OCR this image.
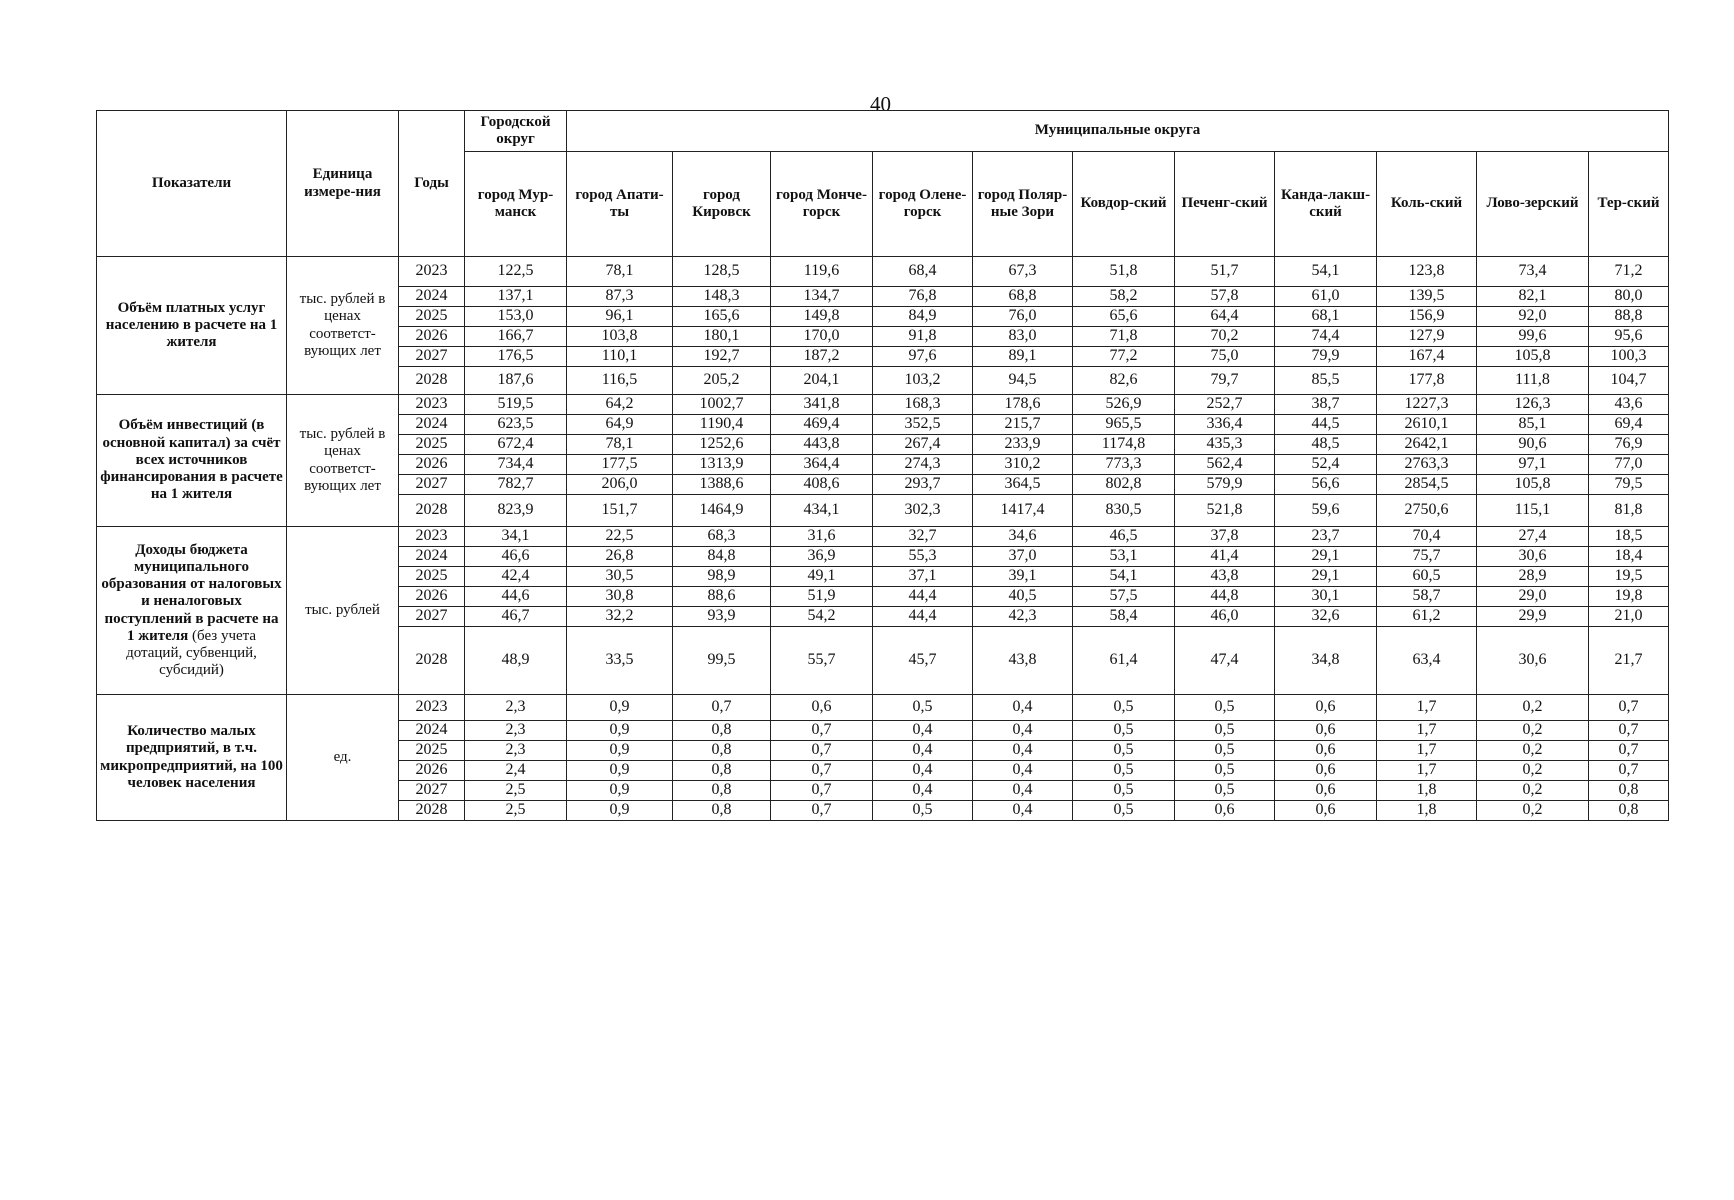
40
Показатели	Единица измере-ния	Годы	Городской округ	Муниципальные округа										
			город Мур-манск	город Апати-ты	город Кировск	город Монче-горск	город Олене-горск	город Поляр-ные Зори	Ковдор-ский	Печенг-ский	Канда-лакш-ский	Коль-ский	Лово-зерский	Тер-ский
Объём платных услуг населению в расчете на 1 жителя	тыс. рублей в ценах соответст-вующих лет	2023	122,5	78,1	128,5	119,6	68,4	67,3	51,8	51,7	54,1	123,8	73,4	71,2
		2024	137,1	87,3	148,3	134,7	76,8	68,8	58,2	57,8	61,0	139,5	82,1	80,0
		2025	153,0	96,1	165,6	149,8	84,9	76,0	65,6	64,4	68,1	156,9	92,0	88,8
		2026	166,7	103,8	180,1	170,0	91,8	83,0	71,8	70,2	74,4	127,9	99,6	95,6
		2027	176,5	110,1	192,7	187,2	97,6	89,1	77,2	75,0	79,9	167,4	105,8	100,3
		2028	187,6	116,5	205,2	204,1	103,2	94,5	82,6	79,7	85,5	177,8	111,8	104,7
Объём инвестиций (в основной капитал) за счёт всех источников финансирования в расчете на 1 жителя	тыс. рублей в ценах соответст-вующих лет	2023	519,5	64,2	1002,7	341,8	168,3	178,6	526,9	252,7	38,7	1227,3	126,3	43,6
		2024	623,5	64,9	1190,4	469,4	352,5	215,7	965,5	336,4	44,5	2610,1	85,1	69,4
		2025	672,4	78,1	1252,6	443,8	267,4	233,9	1174,8	435,3	48,5	2642,1	90,6	76,9
		2026	734,4	177,5	1313,9	364,4	274,3	310,2	773,3	562,4	52,4	2763,3	97,1	77,0
		2027	782,7	206,0	1388,6	408,6	293,7	364,5	802,8	579,9	56,6	2854,5	105,8	79,5
		2028	823,9	151,7	1464,9	434,1	302,3	1417,4	830,5	521,8	59,6	2750,6	115,1	81,8
Доходы бюджета муниципального образования от налоговых и неналоговых поступлений в расчете на 1 жителя (без учета дотаций, субвенций, субсидий)	тыс. рублей	2023	34,1	22,5	68,3	31,6	32,7	34,6	46,5	37,8	23,7	70,4	27,4	18,5
		2024	46,6	26,8	84,8	36,9	55,3	37,0	53,1	41,4	29,1	75,7	30,6	18,4
		2025	42,4	30,5	98,9	49,1	37,1	39,1	54,1	43,8	29,1	60,5	28,9	19,5
		2026	44,6	30,8	88,6	51,9	44,4	40,5	57,5	44,8	30,1	58,7	29,0	19,8
		2027	46,7	32,2	93,9	54,2	44,4	42,3	58,4	46,0	32,6	61,2	29,9	21,0
		2028	48,9	33,5	99,5	55,7	45,7	43,8	61,4	47,4	34,8	63,4	30,6	21,7
Количество малых предприятий, в т.ч. микропредприятий, на 100 человек населения	ед.	2023	2,3	0,9	0,7	0,6	0,5	0,4	0,5	0,5	0,6	1,7	0,2	0,7
		2024	2,3	0,9	0,8	0,7	0,4	0,4	0,5	0,5	0,6	1,7	0,2	0,7
		2025	2,3	0,9	0,8	0,7	0,4	0,4	0,5	0,5	0,6	1,7	0,2	0,7
		2026	2,4	0,9	0,8	0,7	0,4	0,4	0,5	0,5	0,6	1,7	0,2	0,7
		2027	2,5	0,9	0,8	0,7	0,4	0,4	0,5	0,5	0,6	1,8	0,2	0,8
		2028	2,5	0,9	0,8	0,7	0,5	0,4	0,5	0,6	0,6	1,8	0,2	0,8
